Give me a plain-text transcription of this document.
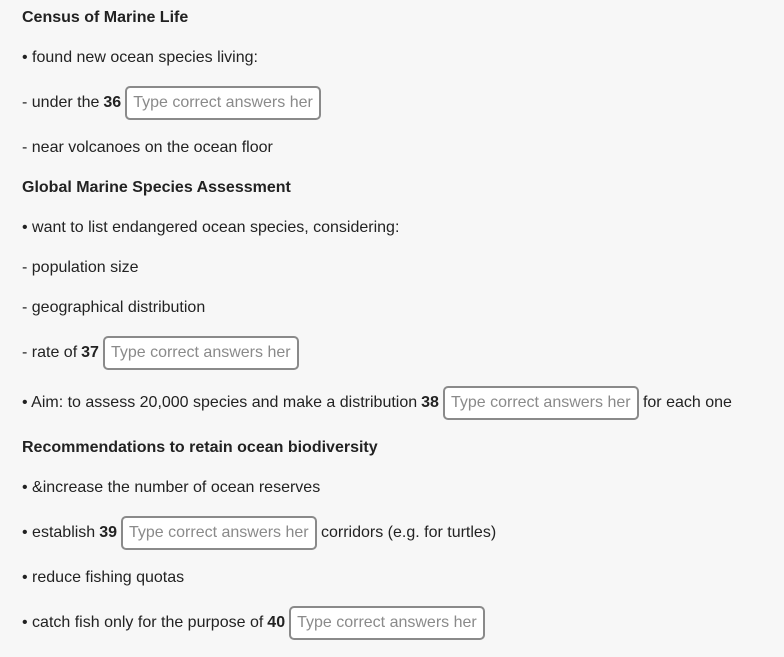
Census of Marine Life
• found new ocean species living:
- under the 36
Type correct answers here
- near volcanoes on the ocean floor
Global Marine Species Assessment
• want to list endangered ocean species, considering:
- population size
- geographical distribution
- rate of 37
Type correct answers here
• Aim: to assess 20,000 species and make a distribution 38
Type correct answers here	for each one
Recommendations to retain ocean biodiversity
• &increase the number of ocean reserves
• establish 39
Type correct answers here	corridors (e.g. for turtles)
• reduce fishing quotas
• catch fish only for the purpose of 40
Type correct answers here
